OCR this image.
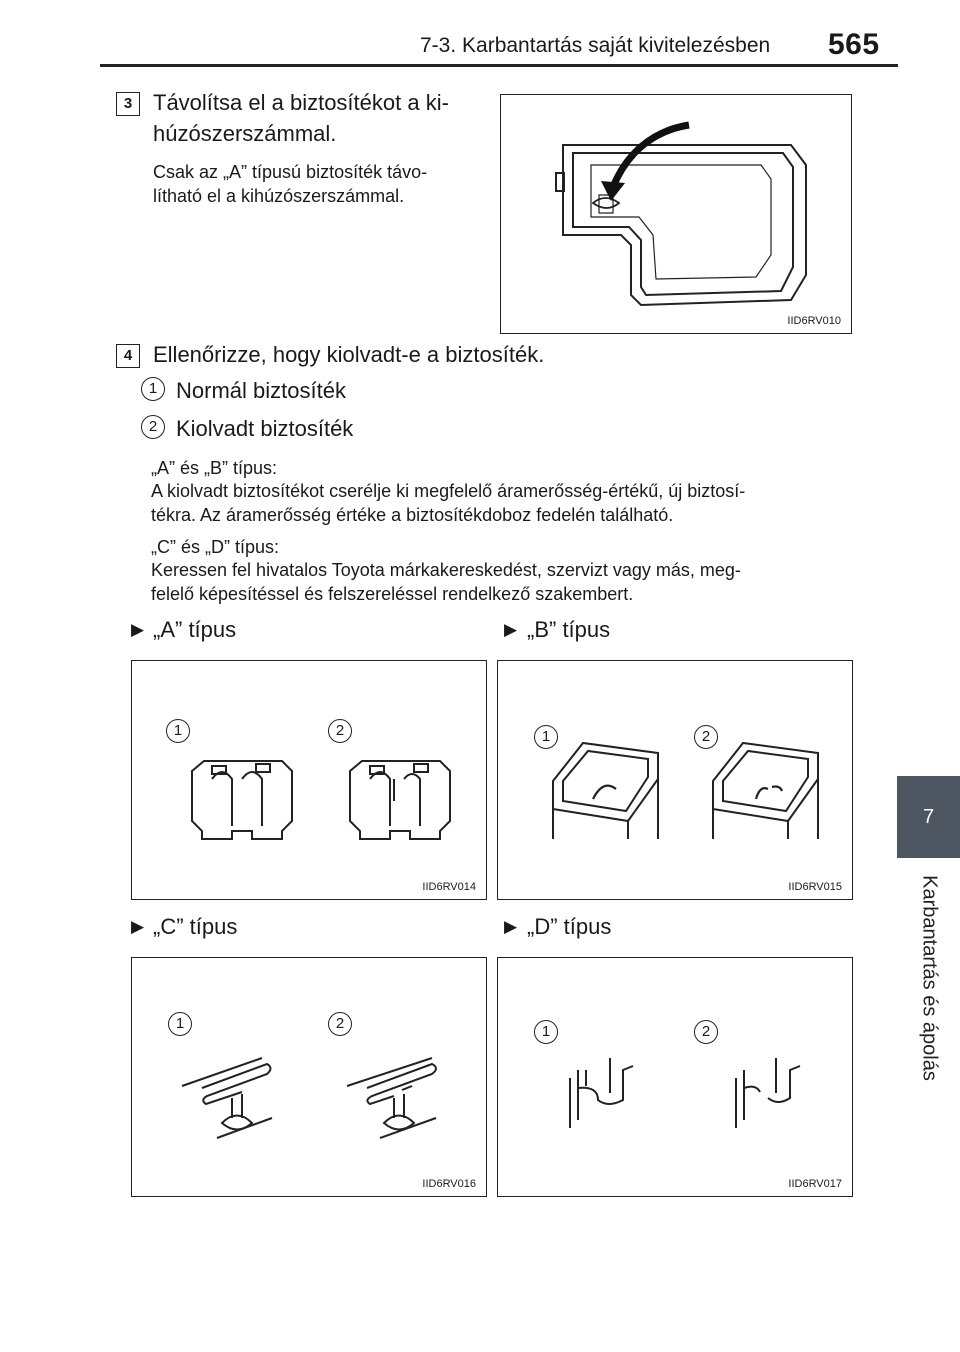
7-3. Karbantartás saját kivitelezésben 565
7
Karbantartás és ápolás
3 Távolítsa el a biztosítékot a ki-
húzószerszámmal.
Csak az „A” típusú biztosíték távo-
lítható el a kihúzószerszámmal.
IID6RV010
4 Ellenőrizze, hogy kiolvadt-e a biztosíték.
1 Normál biztosíték
2 Kiolvadt biztosíték
„A” és „B” típus:
A kiolvadt biztosítékot cserélje ki megfelelő áramerősség-értékű, új biztosí-
tékra. Az áramerősség értéke a biztosítékdoboz fedelén található.
„C” és „D” típus:
Keressen fel hivatalos Toyota márkakereskedést, szervizt vagy más, meg-
felelő képesítéssel és felszereléssel rendelkező szakembert.
▶ „A” típus	▶ „B” típus
1	2
IID6RV014
1	2
IID6RV015
▶ „C” típus	▶ „D” típus
1	2
IID6RV016
1	2
IID6RV017
